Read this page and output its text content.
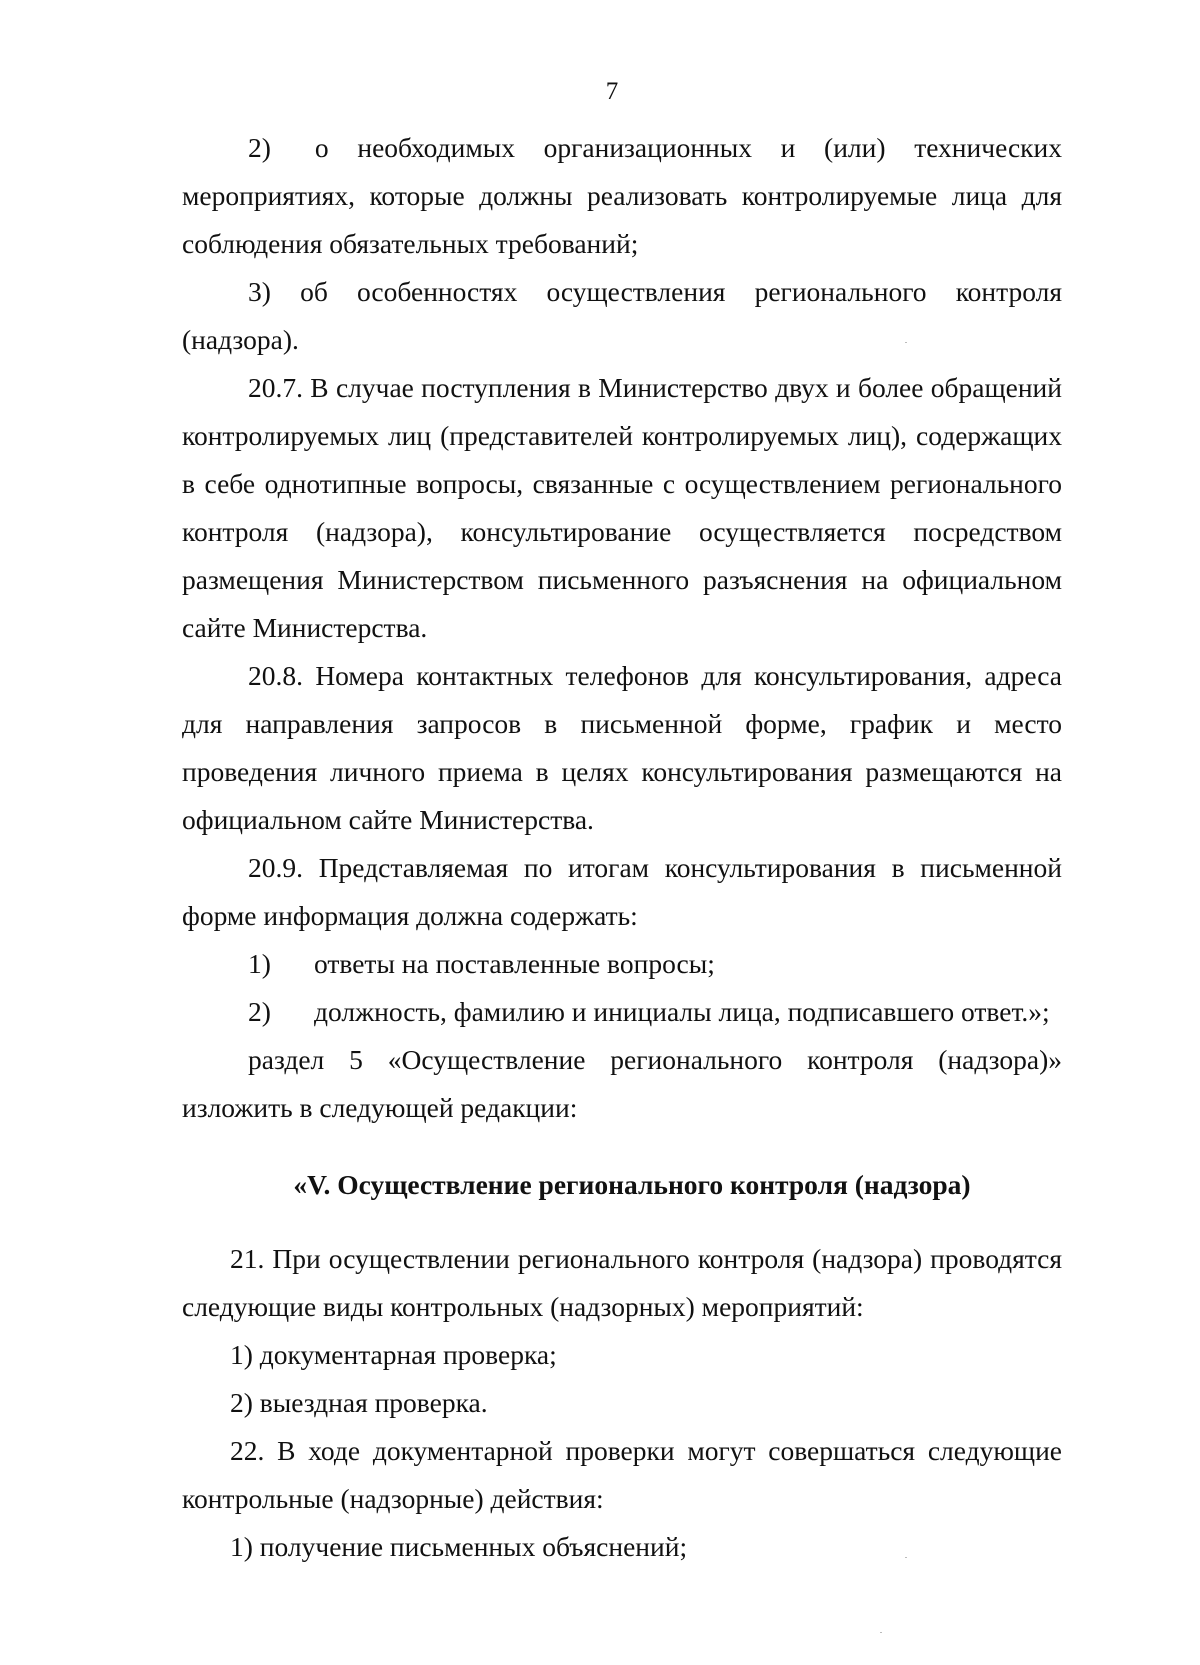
7
2) о необходимых организационных и (или) технических

мероприятиях, которые должны реализовать контролируемые лица для соблюдения обязательных требований;

3) об особенностях осуществления регионального контроля (надзора).

20.7. В случае поступления в Министерство двух и более обращений контролируемых лиц (представителей контролируемых лиц), содержащих в себе однотипные вопросы, связанные с осуществлением регионального контроля (надзора), консультирование осуществляется посредством размещения Министерством письменного разъяснения на официальном сайте Министерства.

20.8. Номера контактных телефонов для консультирования, адреса для направления запросов в письменной форме, график и место проведения личного приема в целях консультирования размещаются на официальном сайте Министерства.

20.9. Представляемая по итогам консультирования в письменной форме информация должна содержать:

1)	ответы на поставленные вопросы;
2)	должность, фамилию и инициалы лица, подписавшего ответ.»;

раздел 5 «Осуществление регионального контроля (надзора)» изложить в следующей редакции:

«V. Осуществление регионального контроля (надзора)

21. При осуществлении регионального контроля (надзора) проводятся следующие виды контрольных (надзорных) мероприятий:

1) документарная проверка;

2) выездная проверка.

22. В ходе документарной проверки могут совершаться следующие контрольные (надзорные) действия:

1) получение письменных объяснений;
